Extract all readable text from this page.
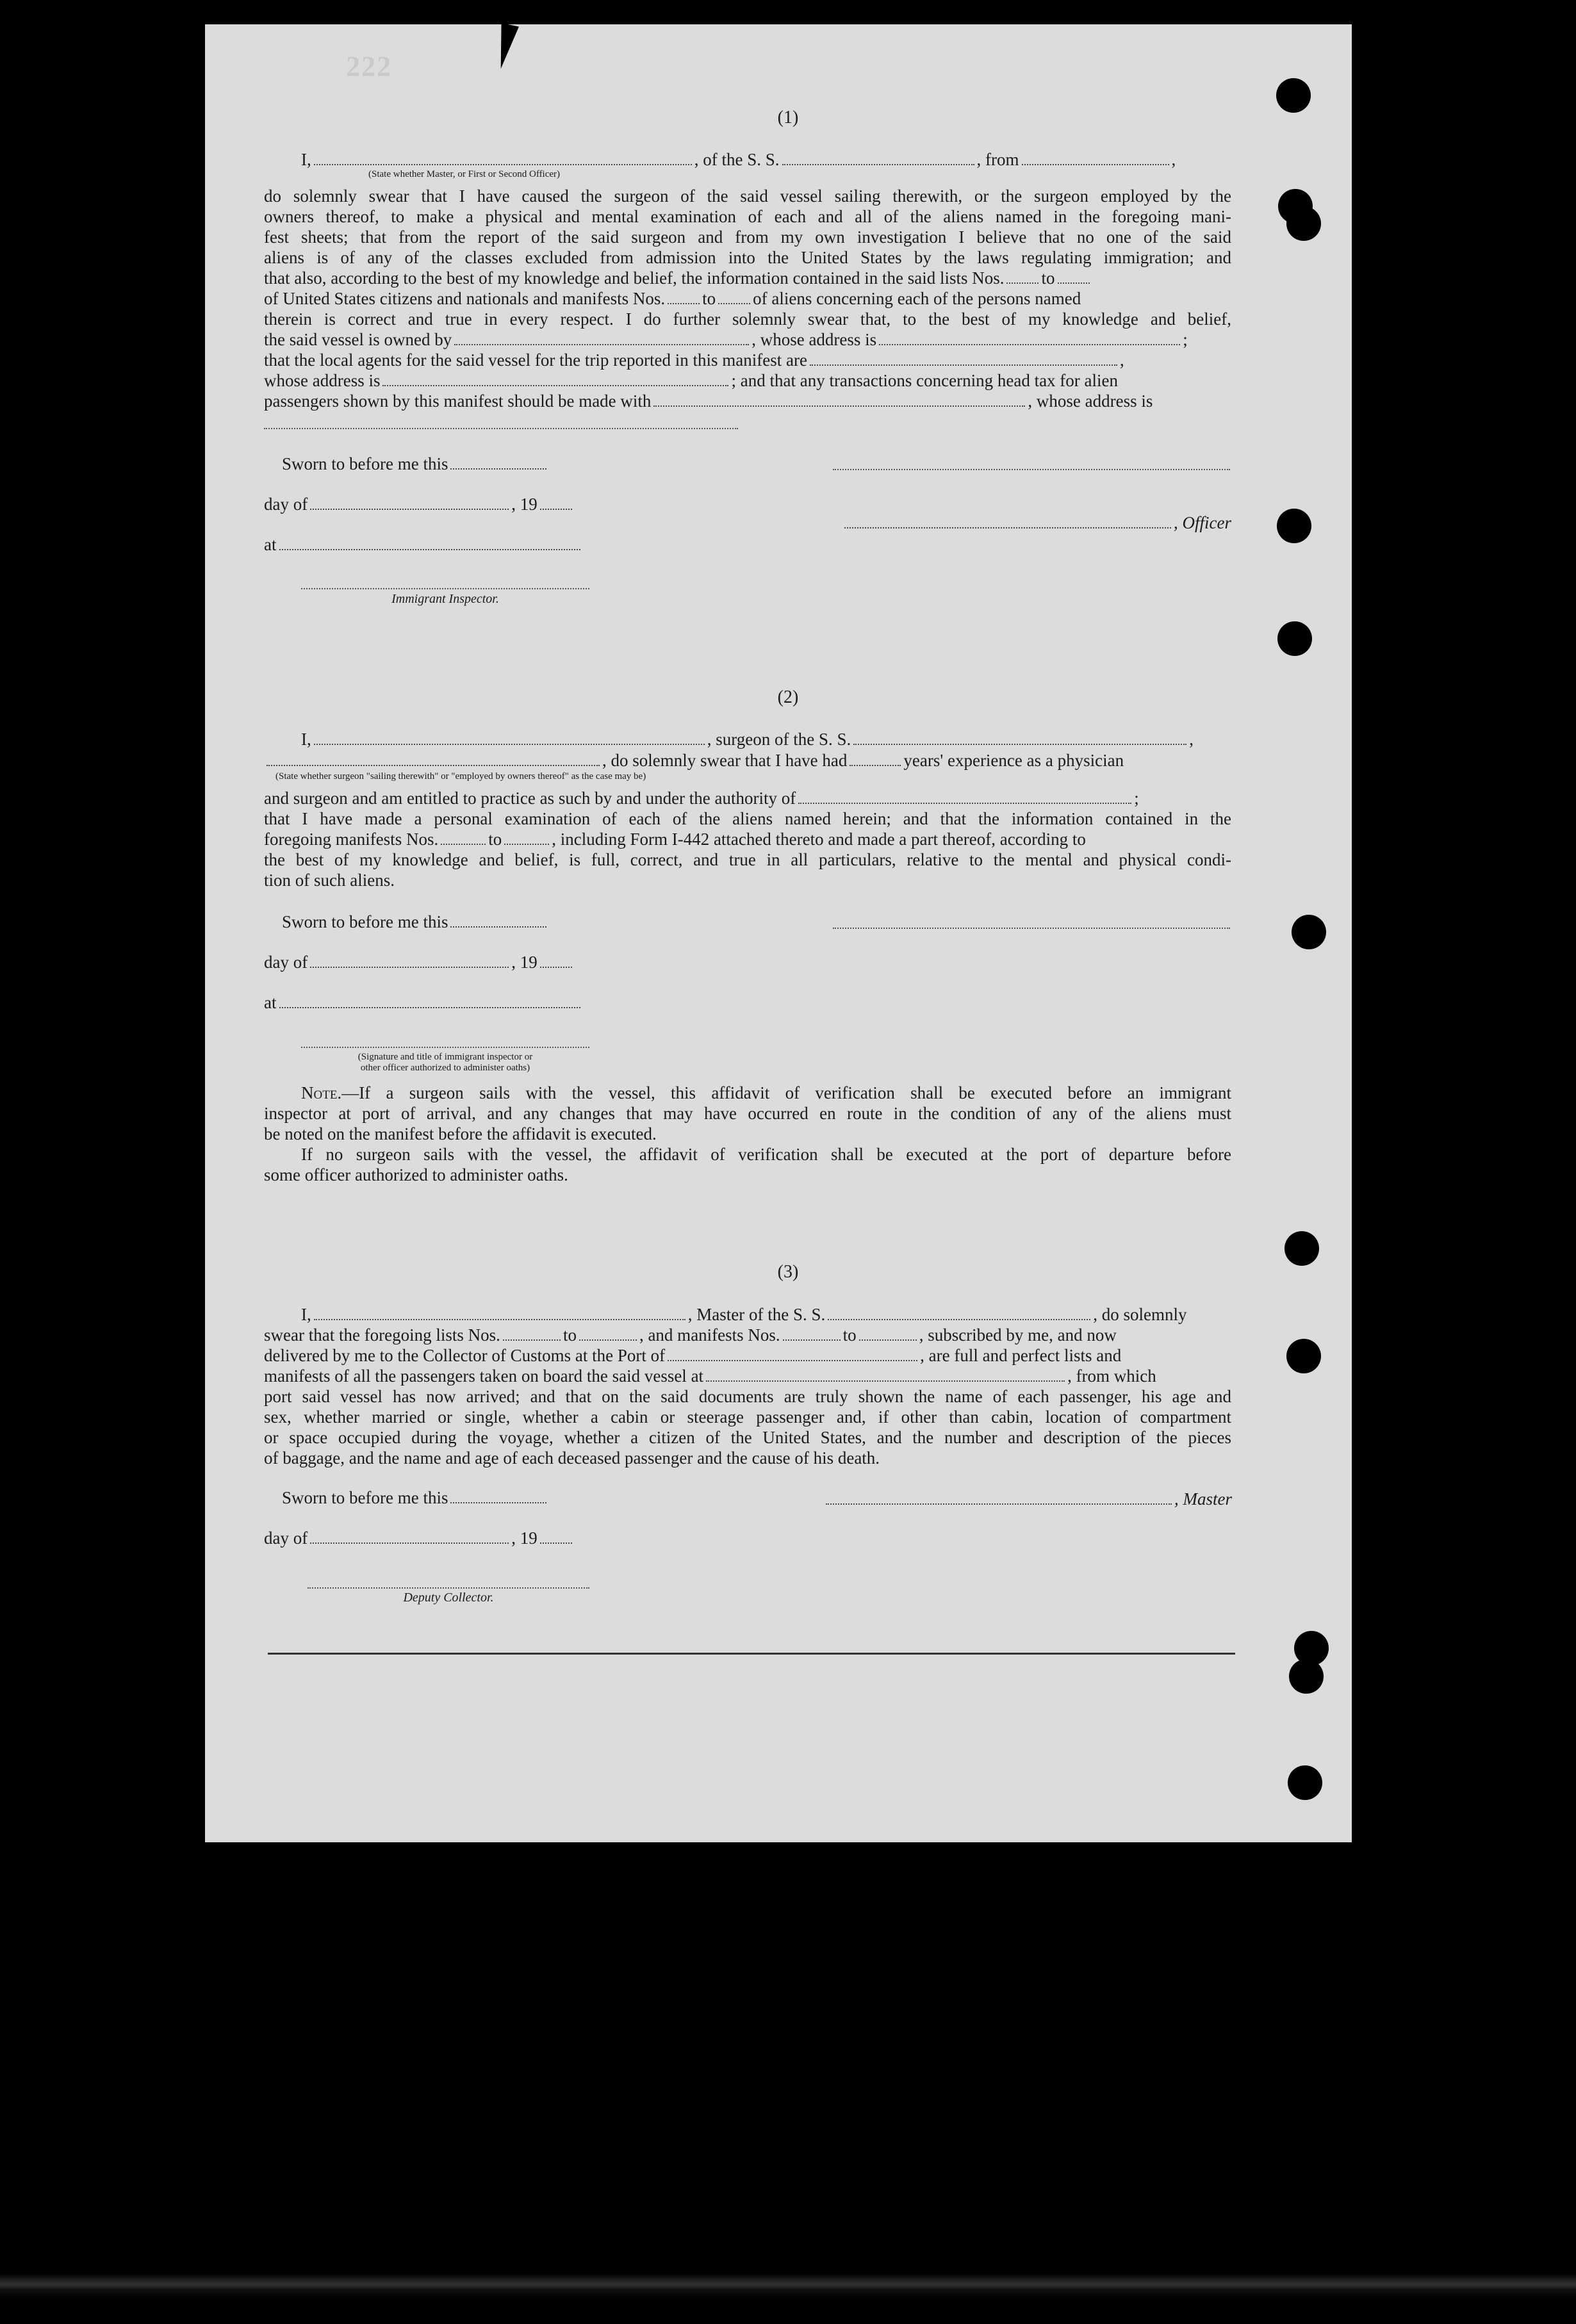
222
(1)
I,	, of the S. S.	, from	,
(State whether Master, or First or Second Officer)
do solemnly swear that I have caused the surgeon of the said vessel sailing therewith, or the surgeon employed by the
owners thereof, to make a physical and mental examination of each and all of the aliens named in the foregoing mani-
fest sheets; that from the report of the said surgeon and from my own investigation I believe that no one of the said
aliens is of any of the classes excluded from admission into the United States by the laws regulating immigration; and
that also, according to the best of my knowledge and belief, the information contained in the said lists Nos. to
of United States citizens and nationals and manifests Nos. to of aliens concerning each of the persons named
therein is correct and true in every respect. I do further solemnly swear that, to the best of my knowledge and belief,
the said vessel is owned by	, whose address is	;
that the local agents for the said vessel for the trip reported in this manifest are	,
whose address is	; and that any transactions concerning head tax for alien
passengers shown by this manifest should be made with	, whose address is
Sworn to before me this
day of	, 19
, Officer
at
Immigrant Inspector.
(2)
I,	, surgeon of the S. S.	,
, do solemnly swear that I have had	years' experience as a physician
(State whether surgeon "sailing therewith" or "employed by owners thereof" as the case may be)
and surgeon and am entitled to practice as such by and under the authority of	;
that I have made a personal examination of each of the aliens named herein; and that the information contained in the
foregoing manifests Nos.	to	, including Form I-442 attached thereto and made a part thereof, according to
the best of my knowledge and belief, is full, correct, and true in all particulars, relative to the mental and physical condi-
tion of such aliens.
Sworn to before me this
day of	, 19
at
(Signature and title of immigrant inspector or
other officer authorized to administer oaths)
Note.—If a surgeon sails with the vessel, this affidavit of verification shall be executed before an immigrant
inspector at port of arrival, and any changes that may have occurred en route in the condition of any of the aliens must
be noted on the manifest before the affidavit is executed.
If no surgeon sails with the vessel, the affidavit of verification shall be executed at the port of departure before
some officer authorized to administer oaths.
(3)
I,	, Master of the S. S.	, do solemnly
swear that the foregoing lists Nos.	to	, and manifests Nos.	to	, subscribed by me, and now
delivered by me to the Collector of Customs at the Port of	, are full and perfect lists and
manifests of all the passengers taken on board the said vessel at	, from which
port said vessel has now arrived; and that on the said documents are truly shown the name of each passenger, his age and
sex, whether married or single, whether a cabin or steerage passenger and, if other than cabin, location of compartment
or space occupied during the voyage, whether a citizen of the United States, and the number and description of the pieces
of baggage, and the name and age of each deceased passenger and the cause of his death.
Sworn to before me this	, Master
day of	, 19
Deputy Collector.
